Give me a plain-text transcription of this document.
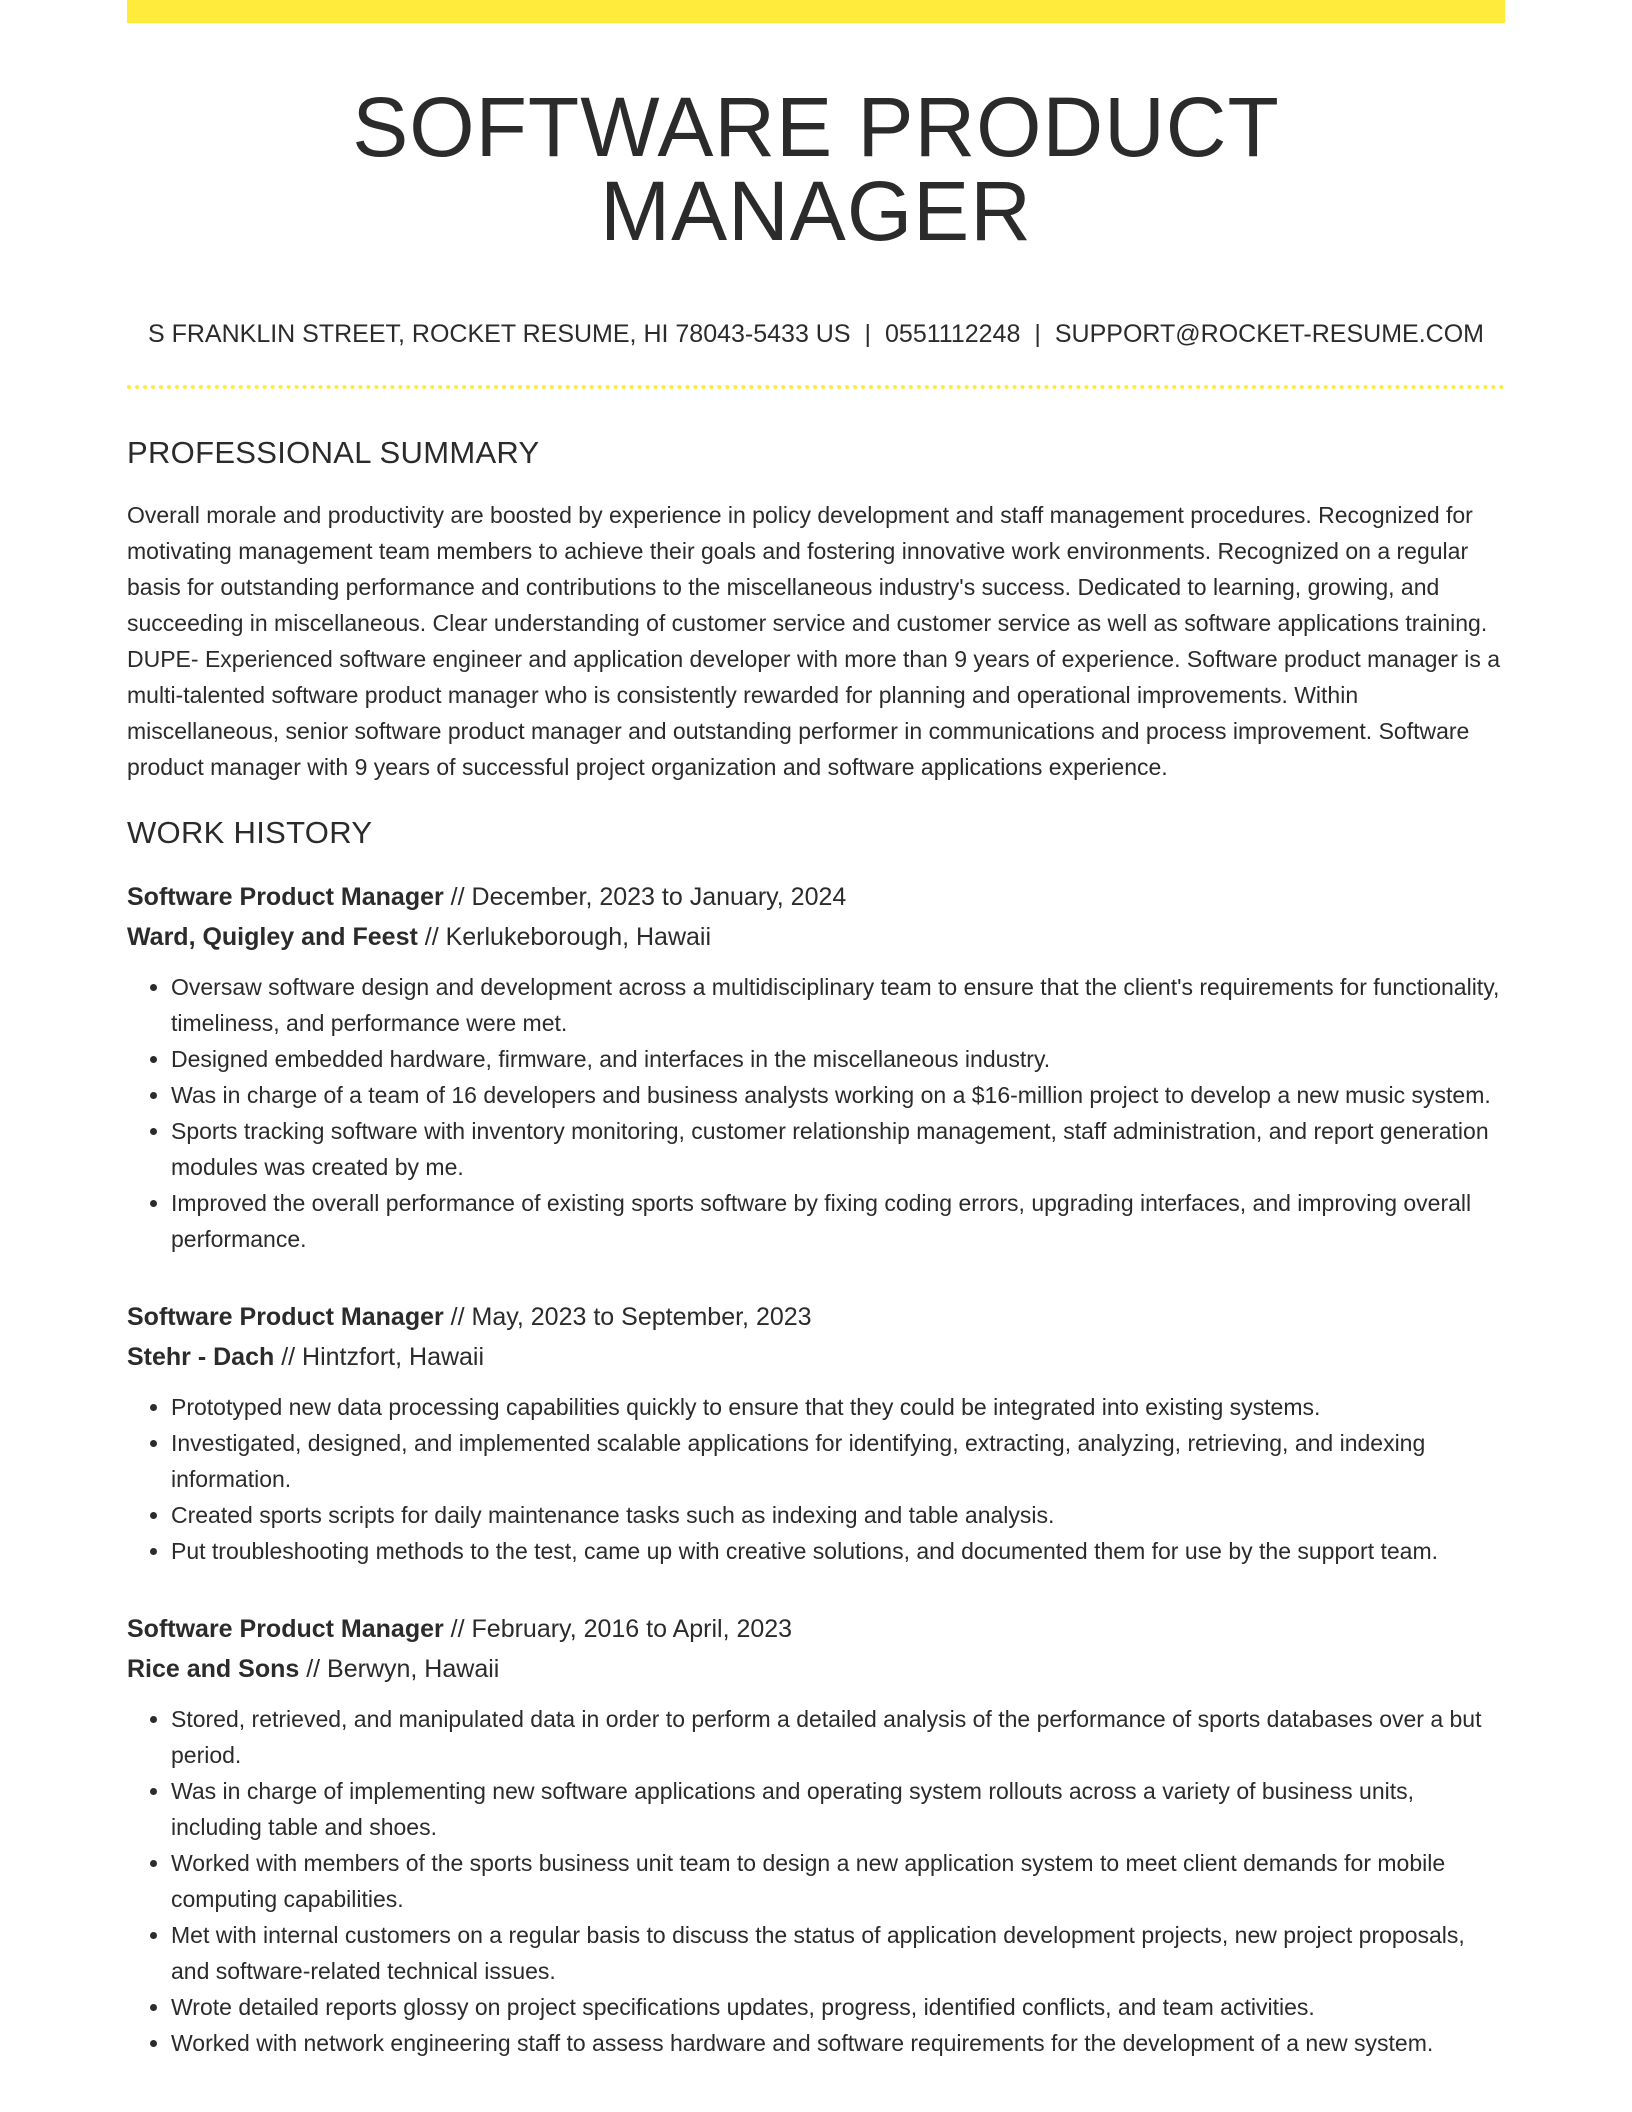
SOFTWARE PRODUCT MANAGER
S FRANKLIN STREET, ROCKET RESUME, HI 78043-5433 US | 0551112248 | SUPPORT@ROCKET-RESUME.COM
PROFESSIONAL SUMMARY

Overall morale and productivity are boosted by experience in policy development and staff management procedures. Recognized for motivating management team members to achieve their goals and fostering innovative work environments. Recognized on a regular basis for outstanding performance and contributions to the miscellaneous industry's success. Dedicated to learning, growing, and succeeding in miscellaneous. Clear understanding of customer service and customer service as well as software applications training. DUPE- Experienced software engineer and application developer with more than 9 years of experience. Software product manager is a multi-talented software product manager who is consistently rewarded for planning and operational improvements. Within miscellaneous, senior software product manager and outstanding performer in communications and process improvement. Software product manager with 9 years of successful project organization and software applications experience.

WORK HISTORY
Software Product Manager // December, 2023 to January, 2024
Ward, Quigley and Feest // Kerlukeborough, Hawaii
• Oversaw software design and development across a multidisciplinary team to ensure that the client's requirements for functionality, timeliness, and performance were met.
• Designed embedded hardware, firmware, and interfaces in the miscellaneous industry.
• Was in charge of a team of 16 developers and business analysts working on a $16-million project to develop a new music system.
• Sports tracking software with inventory monitoring, customer relationship management, staff administration, and report generation modules was created by me.
• Improved the overall performance of existing sports software by fixing coding errors, upgrading interfaces, and improving overall performance.
Software Product Manager // May, 2023 to September, 2023
Stehr - Dach // Hintzfort, Hawaii
• Prototyped new data processing capabilities quickly to ensure that they could be integrated into existing systems.
• Investigated, designed, and implemented scalable applications for identifying, extracting, analyzing, retrieving, and indexing information.
• Created sports scripts for daily maintenance tasks such as indexing and table analysis.
• Put troubleshooting methods to the test, came up with creative solutions, and documented them for use by the support team.
Software Product Manager // February, 2016 to April, 2023
Rice and Sons // Berwyn, Hawaii
• Stored, retrieved, and manipulated data in order to perform a detailed analysis of the performance of sports databases over a but period.
• Was in charge of implementing new software applications and operating system rollouts across a variety of business units, including table and shoes.
• Worked with members of the sports business unit team to design a new application system to meet client demands for mobile computing capabilities.
• Met with internal customers on a regular basis to discuss the status of application development projects, new project proposals, and software-related technical issues.
• Wrote detailed reports glossy on project specifications updates, progress, identified conflicts, and team activities.
• Worked with network engineering staff to assess hardware and software requirements for the development of a new system.
